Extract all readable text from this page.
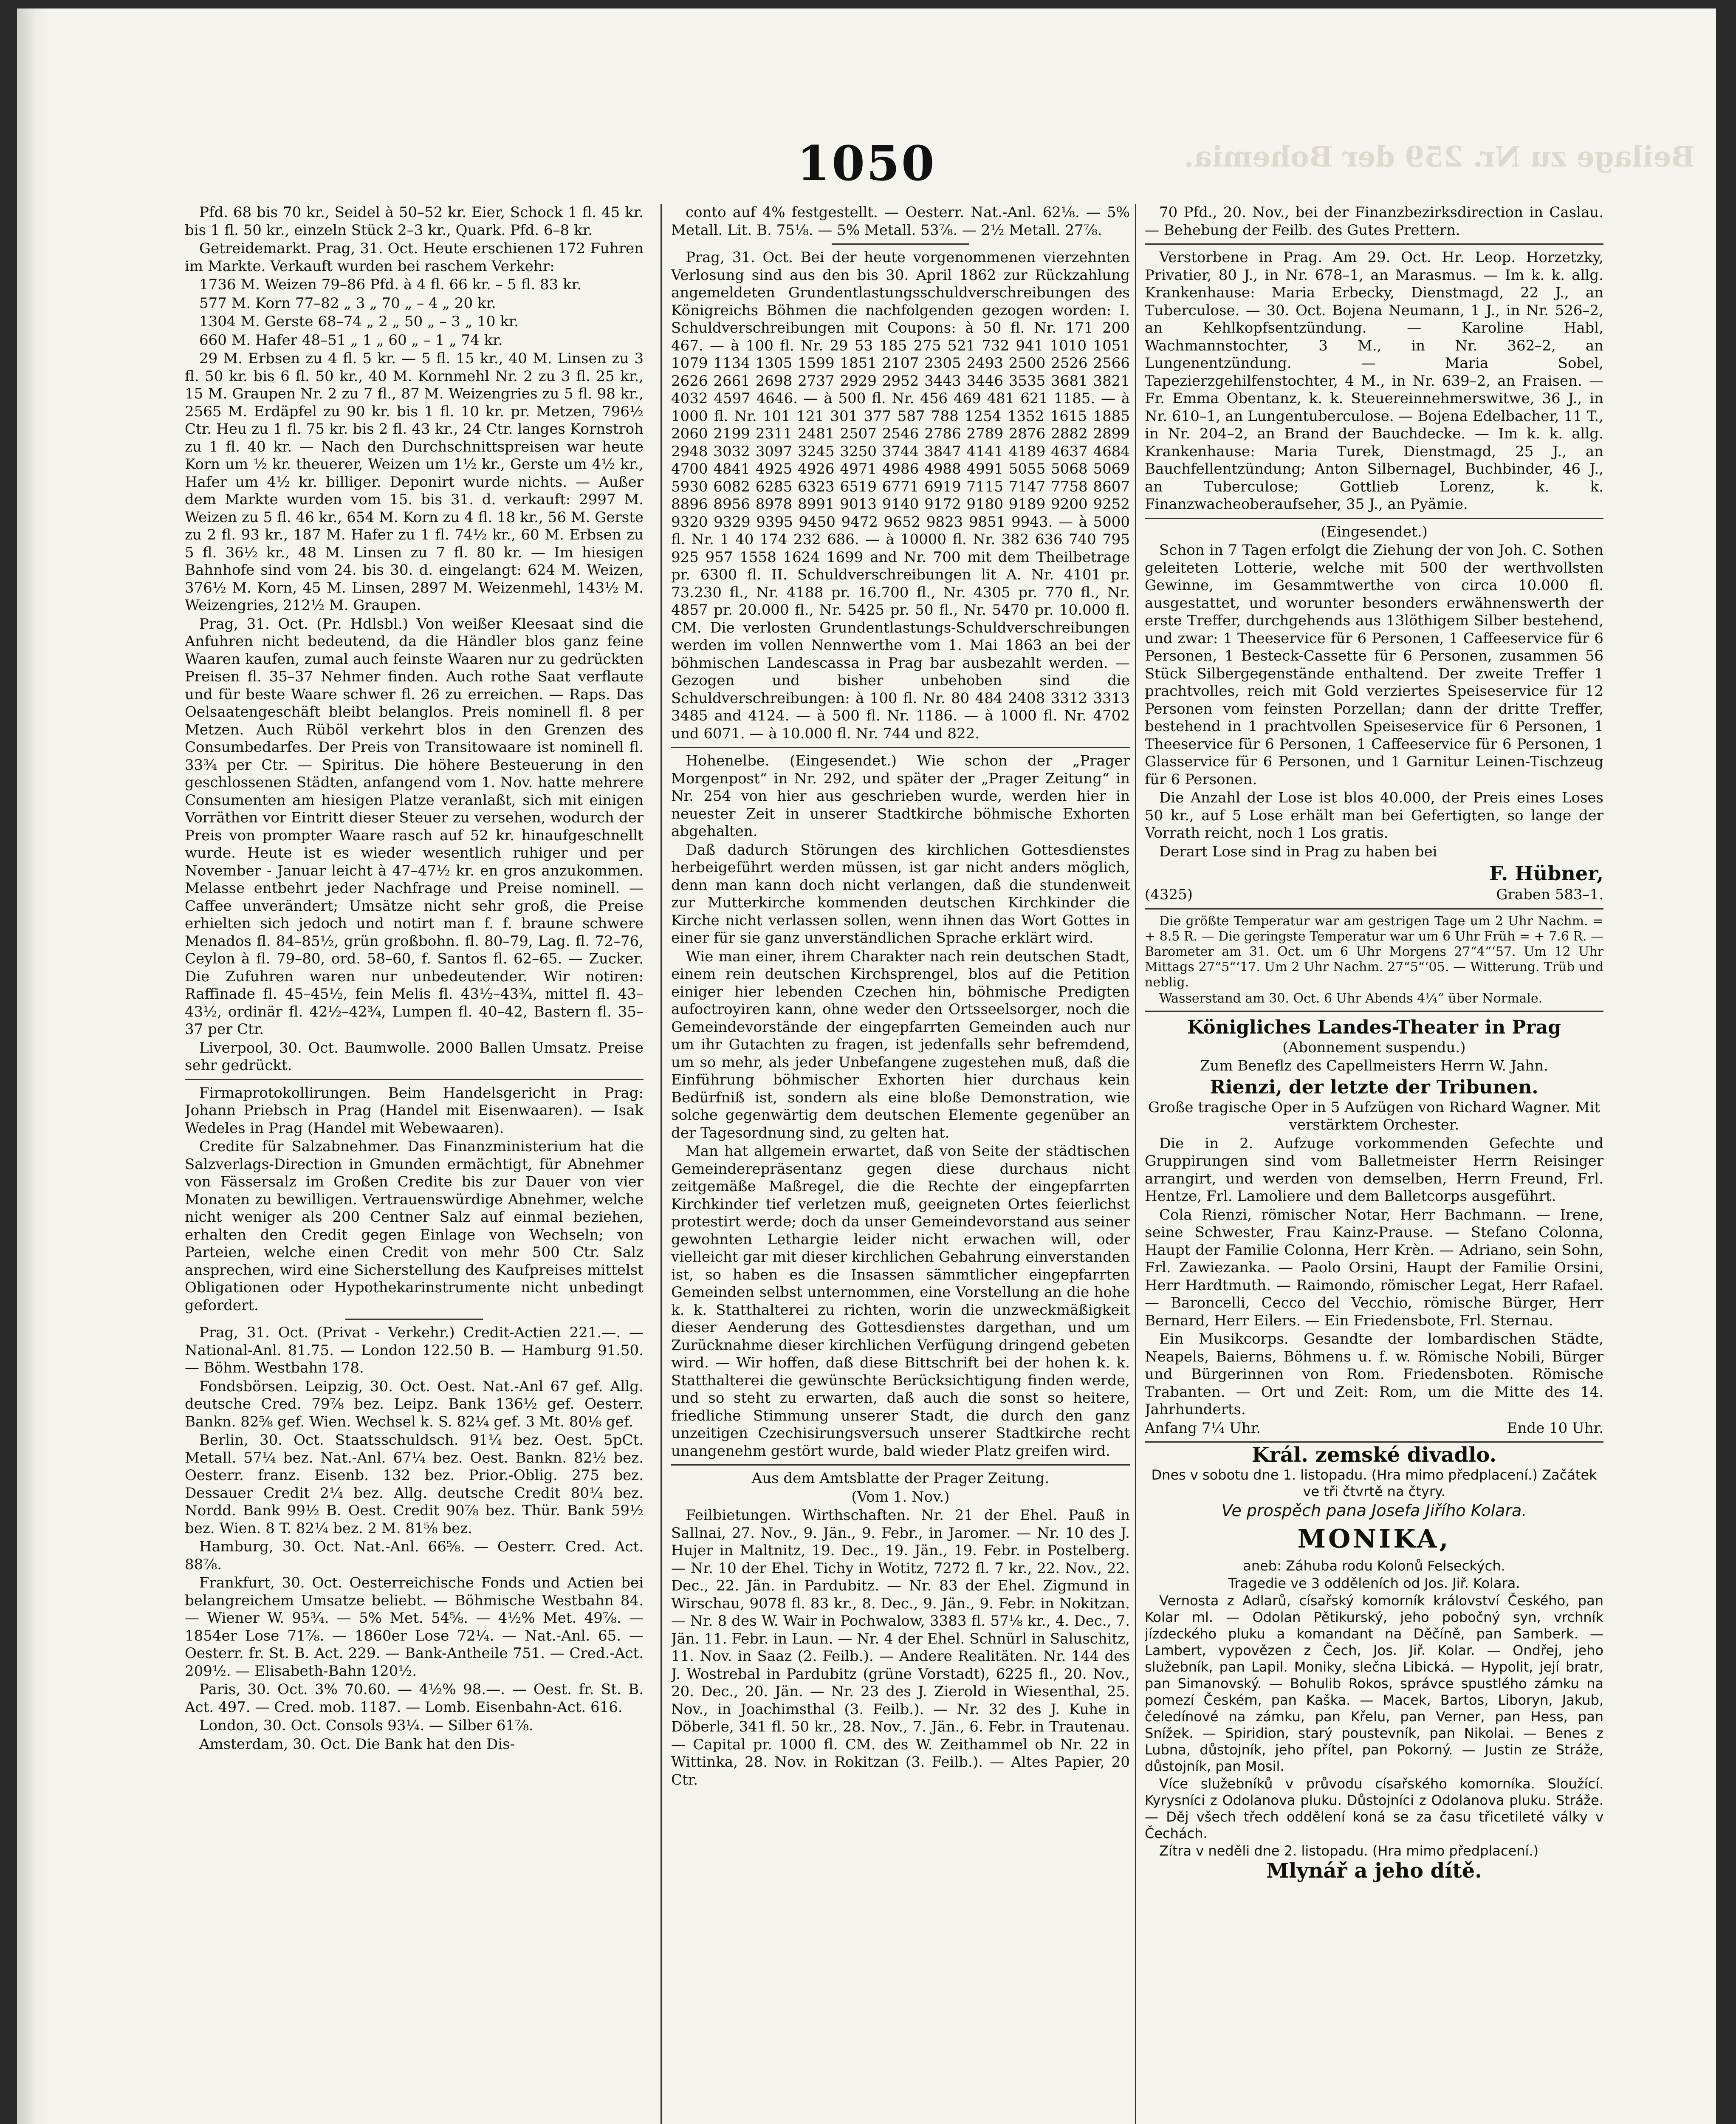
Beilage zu Nr. 259 der Bohemia.
1050
Pfd. 68 bis 70 kr., Seidel à 50–52 kr. Eier, Schock 1 fl. 45 kr. bis 1 fl. 50 kr., einzeln Stück 2–3 kr., Quark. Pfd. 6–8 kr.
Getreidemarkt. Prag, 31. Oct. Heute erschienen 172 Fuhren im Markte. Verkauft wurden bei raschem Verkehr:
1736 M. Weizen 79–86 Pfd. à 4 fl. 66 kr. – 5 fl. 83 kr.
577 M. Korn 77–82 „ 3 „ 70 „ – 4 „ 20 kr.
1304 M. Gerste 68–74 „ 2 „ 50 „ – 3 „ 10 kr.
660 M. Hafer 48–51 „ 1 „ 60 „ – 1 „ 74 kr.
29 M. Erbsen zu 4 fl. 5 kr. — 5 fl. 15 kr., 40 M. Linsen zu 3 fl. 50 kr. bis 6 fl. 50 kr., 40 M. Kornmehl Nr. 2 zu 3 fl. 25 kr., 15 M. Graupen Nr. 2 zu 7 fl., 87 M. Weizengries zu 5 fl. 98 kr., 2565 M. Erdäpfel zu 90 kr. bis 1 fl. 10 kr. pr. Metzen, 796½ Ctr. Heu zu 1 fl. 75 kr. bis 2 fl. 43 kr., 24 Ctr. langes Kornstroh zu 1 fl. 40 kr. — Nach den Durchschnittspreisen war heute Korn um ½ kr. theuerer, Weizen um 1½ kr., Gerste um 4½ kr., Hafer um 4½ kr. billiger. Deponirt wurde nichts. — Außer dem Markte wurden vom 15. bis 31. d. verkauft: 2997 M. Weizen zu 5 fl. 46 kr., 654 M. Korn zu 4 fl. 18 kr., 56 M. Gerste zu 2 fl. 93 kr., 187 M. Hafer zu 1 fl. 74½ kr., 60 M. Erbsen zu 5 fl. 36½ kr., 48 M. Linsen zu 7 fl. 80 kr. — Im hiesigen Bahnhofe sind vom 24. bis 30. d. eingelangt: 624 M. Weizen, 376½ M. Korn, 45 M. Linsen, 2897 M. Weizenmehl, 143½ M. Weizengries, 212½ M. Graupen.
Prag, 31. Oct. (Pr. Hdlsbl.) Von weißer Kleesaat sind die Anfuhren nicht bedeutend, da die Händler blos ganz feine Waaren kaufen, zumal auch feinste Waaren nur zu gedrückten Preisen fl. 35–37 Nehmer finden. Auch rothe Saat verflaute und für beste Waare schwer fl. 26 zu erreichen. — Raps. Das Oelsaatengeschäft bleibt belanglos. Preis nominell fl. 8 per Metzen. Auch Rüböl verkehrt blos in den Grenzen des Consumbedarfes. Der Preis von Transitowaare ist nominell fl. 33¾ per Ctr. — Spiritus. Die höhere Besteuerung in den geschlossenen Städten, anfangend vom 1. Nov. hatte mehrere Consumenten am hiesigen Platze veranlaßt, sich mit einigen Vorräthen vor Eintritt dieser Steuer zu versehen, wodurch der Preis von prompter Waare rasch auf 52 kr. hinaufgeschnellt wurde. Heute ist es wieder wesentlich ruhiger und per November - Januar leicht à 47–47½ kr. en gros anzukommen. Melasse entbehrt jeder Nachfrage und Preise nominell. — Caffee unverändert; Umsätze nicht sehr groß, die Preise erhielten sich jedoch und notirt man f. f. braune schwere Menados fl. 84–85½, grün großbohn. fl. 80–79, Lag. fl. 72–76, Ceylon à fl. 79–80, ord. 58–60, f. Santos fl. 62–65. — Zucker. Die Zufuhren waren nur unbedeutender. Wir notiren: Raffinade fl. 45–45½, fein Melis fl. 43½–43¾, mittel fl. 43–43½, ordinär fl. 42½–42¾, Lumpen fl. 40–42, Bastern fl. 35–37 per Ctr.
Liverpool, 30. Oct. Baumwolle. 2000 Ballen Umsatz. Preise sehr gedrückt.
Firmaprotokollirungen. Beim Handelsgericht in Prag: Johann Priebsch in Prag (Handel mit Eisenwaaren). — Isak Wedeles in Prag (Handel mit Webewaaren).
Credite für Salzabnehmer. Das Finanzministerium hat die Salzverlags-Direction in Gmunden ermächtigt, für Abnehmer von Fässersalz im Großen Credite bis zur Dauer von vier Monaten zu bewilligen. Vertrauenswürdige Abnehmer, welche nicht weniger als 200 Centner Salz auf einmal beziehen, erhalten den Credit gegen Einlage von Wechseln; von Parteien, welche einen Credit von mehr 500 Ctr. Salz ansprechen, wird eine Sicherstellung des Kaufpreises mittelst Obligationen oder Hypothekarinstrumente nicht unbedingt gefordert.
Prag, 31. Oct. (Privat - Verkehr.) Credit-Actien 221.—. — National-Anl. 81.75. — London 122.50 B. — Hamburg 91.50. — Böhm. Westbahn 178.
Fondsbörsen. Leipzig, 30. Oct. Oest. Nat.-Anl 67 gef. Allg. deutsche Cred. 79⅞ bez. Leipz. Bank 136½ gef. Oesterr. Bankn. 82⅝ gef. Wien. Wechsel k. S. 82¼ gef. 3 Mt. 80⅛ gef.
Berlin, 30. Oct. Staatsschuldsch. 91¼ bez. Oest. 5pCt. Metall. 57¼ bez. Nat.-Anl. 67¼ bez. Oest. Bankn. 82½ bez. Oesterr. franz. Eisenb. 132 bez. Prior.-Oblig. 275 bez. Dessauer Credit 2¼ bez. Allg. deutsche Credit 80¼ bez. Nordd. Bank 99½ B. Oest. Credit 90⅞ bez. Thür. Bank 59½ bez. Wien. 8 T. 82¼ bez. 2 M. 81⅝ bez.
Hamburg, 30. Oct. Nat.-Anl. 66⅝. — Oesterr. Cred. Act. 88⅞.
Frankfurt, 30. Oct. Oesterreichische Fonds und Actien bei belangreichem Umsatze beliebt. — Böhmische Westbahn 84. — Wiener W. 95¾. — 5% Met. 54⅝. — 4½% Met. 49⅞. — 1854er Lose 71⅞. — 1860er Lose 72¼. — Nat.-Anl. 65. — Oesterr. fr. St. B. Act. 229. — Bank-Antheile 751. — Cred.-Act. 209½. — Elisabeth-Bahn 120½.
Paris, 30. Oct. 3% 70.60. — 4½% 98.—. — Oest. fr. St. B. Act. 497. — Cred. mob. 1187. — Lomb. Eisenbahn-Act. 616.
London, 30. Oct. Consols 93¼. — Silber 61⅞.
Amsterdam, 30. Oct. Die Bank hat den Dis-
conto auf 4% festgestellt. — Oesterr. Nat.-Anl. 62⅛. — 5% Metall. Lit. B. 75⅛. — 5% Metall. 53⅞. — 2½ Metall. 27⅞.
Prag, 31. Oct. Bei der heute vorgenommenen vierzehnten Verlosung sind aus den bis 30. April 1862 zur Rückzahlung angemeldeten Grundentlastungsschuldverschreibungen des Königreichs Böhmen die nachfolgenden gezogen worden: I. Schuldverschreibungen mit Coupons: à 50 fl. Nr. 171 200 467. — à 100 fl. Nr. 29 53 185 275 521 732 941 1010 1051 1079 1134 1305 1599 1851 2107 2305 2493 2500 2526 2566 2626 2661 2698 2737 2929 2952 3443 3446 3535 3681 3821 4032 4597 4646. — à 500 fl. Nr. 456 469 481 621 1185. — à 1000 fl. Nr. 101 121 301 377 587 788 1254 1352 1615 1885 2060 2199 2311 2481 2507 2546 2786 2789 2876 2882 2899 2948 3032 3097 3245 3250 3744 3847 4141 4189 4637 4684 4700 4841 4925 4926 4971 4986 4988 4991 5055 5068 5069 5930 6082 6285 6323 6519 6771 6919 7115 7147 7758 8607 8896 8956 8978 8991 9013 9140 9172 9180 9189 9200 9252 9320 9329 9395 9450 9472 9652 9823 9851 9943. — à 5000 fl. Nr. 1 40 174 232 686. — à 10000 fl. Nr. 382 636 740 795 925 957 1558 1624 1699 and Nr. 700 mit dem Theilbetrage pr. 6300 fl. II. Schuldverschreibungen lit A. Nr. 4101 pr. 73.230 fl., Nr. 4188 pr. 16.700 fl., Nr. 4305 pr. 770 fl., Nr. 4857 pr. 20.000 fl., Nr. 5425 pr. 50 fl., Nr. 5470 pr. 10.000 fl. CM. Die verlosten Grundentlastungs-Schuldverschreibungen werden im vollen Nennwerthe vom 1. Mai 1863 an bei der böhmischen Landescassa in Prag bar ausbezahlt werden. — Gezogen und bisher unbehoben sind die Schuldverschreibungen: à 100 fl. Nr. 80 484 2408 3312 3313 3485 and 4124. — à 500 fl. Nr. 1186. — à 1000 fl. Nr. 4702 und 6071. — à 10.000 fl. Nr. 744 und 822.
Hohenelbe. (Eingesendet.) Wie schon der „Prager Morgenpost“ in Nr. 292, und später der „Prager Zeitung“ in Nr. 254 von hier aus geschrieben wurde, werden hier in neuester Zeit in unserer Stadtkirche böhmische Exhorten abgehalten.
Daß dadurch Störungen des kirchlichen Gottesdienstes herbeigeführt werden müssen, ist gar nicht anders möglich, denn man kann doch nicht verlangen, daß die stundenweit zur Mutterkirche kommenden deutschen Kirchkinder die Kirche nicht verlassen sollen, wenn ihnen das Wort Gottes in einer für sie ganz unverständlichen Sprache erklärt wird.
Wie man einer, ihrem Charakter nach rein deutschen Stadt, einem rein deutschen Kirchsprengel, blos auf die Petition einiger hier lebenden Czechen hin, böhmische Predigten aufoctroyiren kann, ohne weder den Ortsseelsorger, noch die Gemeindevorstände der eingepfarrten Gemeinden auch nur um ihr Gutachten zu fragen, ist jedenfalls sehr befremdend, um so mehr, als jeder Unbefangene zugestehen muß, daß die Einführung böhmischer Exhorten hier durchaus kein Bedürfniß ist, sondern als eine bloße Demonstration, wie solche gegenwärtig dem deutschen Elemente gegenüber an der Tagesordnung sind, zu gelten hat.
Man hat allgemein erwartet, daß von Seite der städtischen Gemeinderepräsentanz gegen diese durchaus nicht zeitgemäße Maßregel, die die Rechte der eingepfarrten Kirchkinder tief verletzen muß, geeigneten Ortes feierlichst protestirt werde; doch da unser Gemeindevorstand aus seiner gewohnten Lethargie leider nicht erwachen will, oder vielleicht gar mit dieser kirchlichen Gebahrung einverstanden ist, so haben es die Insassen sämmtlicher eingepfarrten Gemeinden selbst unternommen, eine Vorstellung an die hohe k. k. Statthalterei zu richten, worin die unzweckmäßigkeit dieser Aenderung des Gottesdienstes dargethan, und um Zurücknahme dieser kirchlichen Verfügung dringend gebeten wird. — Wir hoffen, daß diese Bittschrift bei der hohen k. k. Statthalterei die gewünschte Berücksichtigung finden werde, und so steht zu erwarten, daß auch die sonst so heitere, friedliche Stimmung unserer Stadt, die durch den ganz unzeitigen Czechisirungsversuch unserer Stadtkirche recht unangenehm gestört wurde, bald wieder Platz greifen wird.
Aus dem Amtsblatte der Prager Zeitung.
(Vom 1. Nov.)
Feilbietungen. Wirthschaften. Nr. 21 der Ehel. Pauß in Sallnai, 27. Nov., 9. Jän., 9. Febr., in Jaromer. — Nr. 10 des J. Hujer in Maltnitz, 19. Dec., 19. Jän., 19. Febr. in Postelberg. — Nr. 10 der Ehel. Tichy in Wotitz, 7272 fl. 7 kr., 22. Nov., 22. Dec., 22. Jän. in Pardubitz. — Nr. 83 der Ehel. Zigmund in Wirschau, 9078 fl. 83 kr., 8. Dec., 9. Jän., 9. Febr. in Nokitzan. — Nr. 8 des W. Wair in Pochwalow, 3383 fl. 57⅛ kr., 4. Dec., 7. Jän. 11. Febr. in Laun. — Nr. 4 der Ehel. Schnürl in Saluschitz, 11. Nov. in Saaz (2. Feilb.). — Andere Realitäten. Nr. 144 des J. Wostrebal in Pardubitz (grüne Vorstadt), 6225 fl., 20. Nov., 20. Dec., 20. Jän. — Nr. 23 des J. Zierold in Wiesenthal, 25. Nov., in Joachimsthal (3. Feilb.). — Nr. 32 des J. Kuhe in Döberle, 341 fl. 50 kr., 28. Nov., 7. Jän., 6. Febr. in Trautenau. — Capital pr. 1000 fl. CM. des W. Zeithammel ob Nr. 22 in Wittinka, 28. Nov. in Rokitzan (3. Feilb.). — Altes Papier, 20 Ctr.
70 Pfd., 20. Nov., bei der Finanzbezirksdirection in Caslau. — Behebung der Feilb. des Gutes Prettern.
Verstorbene in Prag. Am 29. Oct. Hr. Leop. Horzetzky, Privatier, 80 J., in Nr. 678–1, an Marasmus. — Im k. k. allg. Krankenhause: Maria Erbecky, Dienstmagd, 22 J., an Tuberculose. — 30. Oct. Bojena Neumann, 1 J., in Nr. 526–2, an Kehlkopfsentzündung. — Karoline Habl, Wachmannstochter, 3 M., in Nr. 362–2, an Lungenentzündung. — Maria Sobel, Tapezierzgehilfenstochter, 4 M., in Nr. 639–2, an Fraisen. — Fr. Emma Obentanz, k. k. Steuereinnehmerswitwe, 36 J., in Nr. 610–1, an Lungentuberculose. — Bojena Edelbacher, 11 T., in Nr. 204–2, an Brand der Bauchdecke. — Im k. k. allg. Krankenhause: Maria Turek, Dienstmagd, 25 J., an Bauchfellentzündung; Anton Silbernagel, Buchbinder, 46 J., an Tuberculose; Gottlieb Lorenz, k. k. Finanzwacheoberaufseher, 35 J., an Pyämie.
(Eingesendet.)
Schon in 7 Tagen erfolgt die Ziehung der von Joh. C. Sothen geleiteten Lotterie, welche mit 500 der werthvollsten Gewinne, im Gesammtwerthe von circa 10.000 fl. ausgestattet, und worunter besonders erwähnenswerth der erste Treffer, durchgehends aus 13löthigem Silber bestehend, und zwar: 1 Theeservice für 6 Personen, 1 Caffeeservice für 6 Personen, 1 Besteck-Cassette für 6 Personen, zusammen 56 Stück Silbergegenstände enthaltend. Der zweite Treffer 1 prachtvolles, reich mit Gold verziertes Speiseservice für 12 Personen vom feinsten Porzellan; dann der dritte Treffer, bestehend in 1 prachtvollen Speiseservice für 6 Personen, 1 Theeservice für 6 Personen, 1 Caffeeservice für 6 Personen, 1 Glasservice für 6 Personen, und 1 Garnitur Leinen-Tischzeug für 6 Personen.
Die Anzahl der Lose ist blos 40.000, der Preis eines Loses 50 kr., auf 5 Lose erhält man bei Gefertigten, so lange der Vorrath reicht, noch 1 Los gratis.
Derart Lose sind in Prag zu haben bei
F. Hübner,
(4325)	Graben 583–1.
Die größte Temperatur war am gestrigen Tage um 2 Uhr Nachm. = + 8.5 R. — Die geringste Temperatur war um 6 Uhr Früh = + 7.6 R. — Barometer am 31. Oct. um 6 Uhr Morgens 27“4“‘57. Um 12 Uhr Mittags 27“5“‘17. Um 2 Uhr Nachm. 27“5“‘05. — Witterung. Trüb und neblig.
Wasserstand am 30. Oct. 6 Uhr Abends 4¼“ über Normale.
Königliches Landes-Theater in Prag
(Abonnement suspendu.)
Zum Beneflz des Capellmeisters Herrn W. Jahn.
Rienzi, der letzte der Tribunen.
Große tragische Oper in 5 Aufzügen von Richard Wagner. Mit verstärktem Orchester.
Die in 2. Aufzuge vorkommenden Gefechte und Gruppirungen sind vom Balletmeister Herrn Reisinger arrangirt, und werden von demselben, Herrn Freund, Frl. Hentze, Frl. Lamoliere und dem Balletcorps ausgeführt.
Cola Rienzi, römischer Notar, Herr Bachmann. — Irene, seine Schwester, Frau Kainz-Prause. — Stefano Colonna, Haupt der Familie Colonna, Herr Krèn. — Adriano, sein Sohn, Frl. Zawiezanka. — Paolo Orsini, Haupt der Familie Orsini, Herr Hardtmuth. — Raimondo, römischer Legat, Herr Rafael. — Baroncelli, Cecco del Vecchio, römische Bürger, Herr Bernard, Herr Eilers. — Ein Friedensbote, Frl. Sternau.
Ein Musikcorps. Gesandte der lombardischen Städte, Neapels, Baierns, Böhmens u. f. w. Römische Nobili, Bürger und Bürgerinnen von Rom. Friedensboten. Römische Trabanten. — Ort und Zeit: Rom, um die Mitte des 14. Jahrhunderts.
Anfang 7¼ Uhr.	Ende 10 Uhr.
Král. zemské divadlo.
Dnes v sobotu dne 1. listopadu. (Hra mimo předplacení.) Začátek ve tři čtvrtě na čtyry.
Ve prospěch pana Josefa Jiřího Kolara.
MONIKA,
aneb: Záhuba rodu Kolonů Felseckých.
Tragedie ve 3 odděleních od Jos. Jiř. Kolara.
Vernosta z Adlarů, císařský komorník království Českého, pan Kolar ml. — Odolan Pětikurský, jeho pobočný syn, vrchník jízdeckého pluku a komandant na Děčíně, pan Samberk. — Lambert, vypovězen z Čech, Jos. Jiř. Kolar. — Ondřej, jeho služebník, pan Lapil. Moniky, slečna Libická. — Hypolit, její bratr, pan Simanovský. — Bohulib Rokos, správce spustlého zámku na pomezí Českém, pan Kaška. — Macek, Bartos, Liboryn, Jakub, čeledínové na zámku, pan Křelu, pan Verner, pan Hess, pan Snížek. — Spiridion, starý poustevník, pan Nikolai. — Benes z Lubna, důstojník, jeho přítel, pan Pokorný. — Justin ze Stráže, důstojník, pan Mosil.
Více služebníků v průvodu císařského komorníka. Sloužící. Kyrysníci z Odolanova pluku. Důstojníci z Odolanova pluku. Stráže. — Děj všech třech oddělení koná se za času třicetileté války v Čechách.
Zítra v neděli dne 2. listopadu. (Hra mimo předplacení.)
Mlynář a jeho dítě.
